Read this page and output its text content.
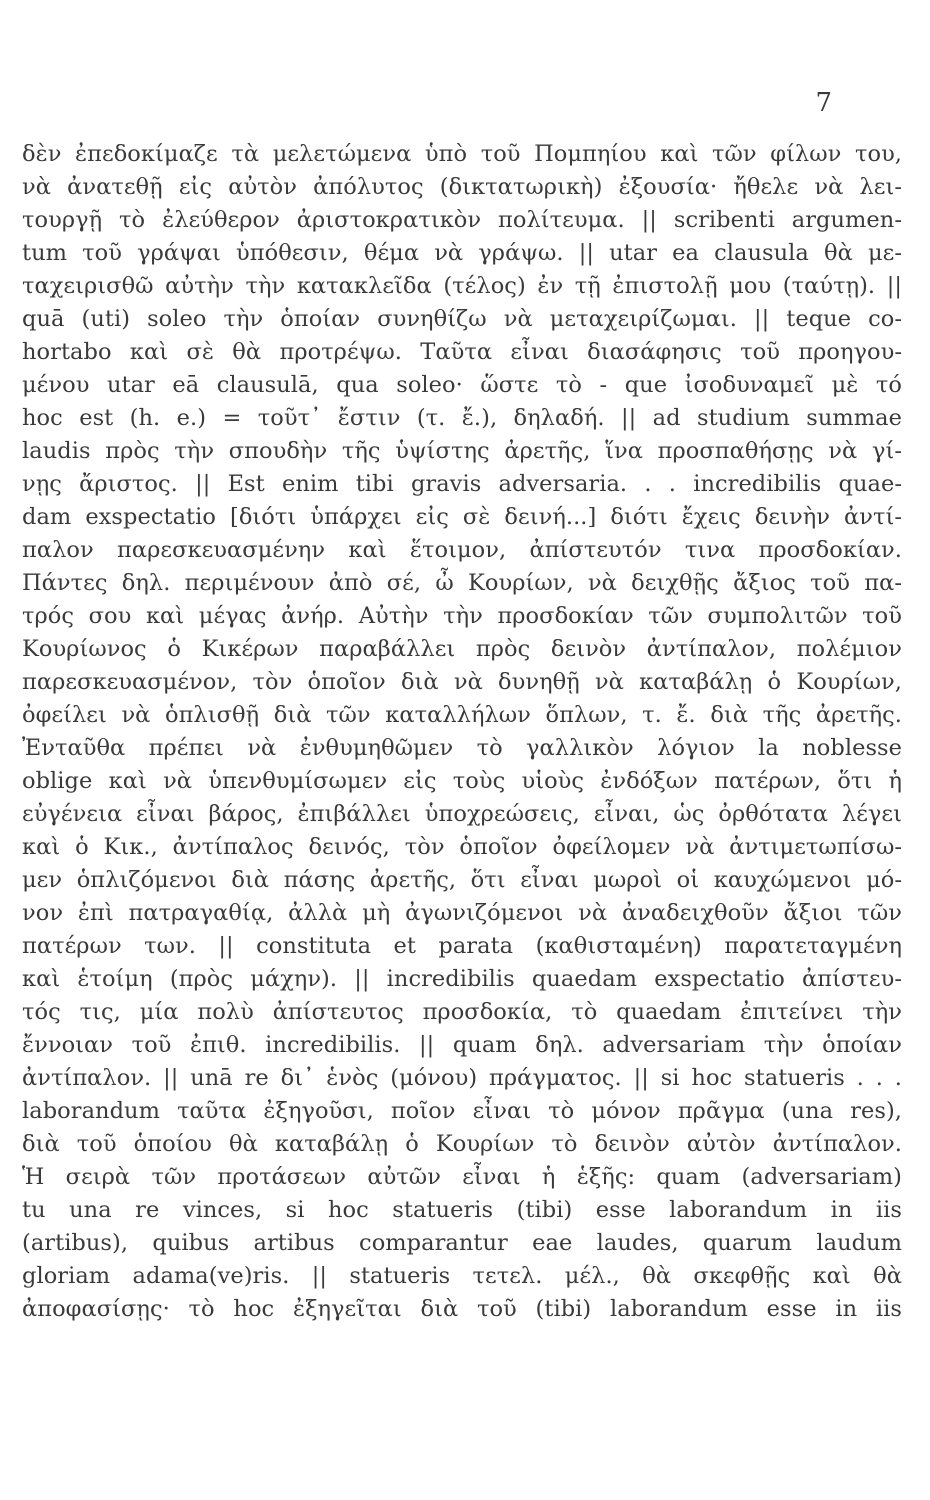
7
δὲν ἐπεδοκίμαζε τὰ μελετώμενα ὑπὸ τοῦ Πομπηίου καὶ τῶν φίλων του,
νὰ ἀνατεθῇ εἰς αὐτὸν ἀπόλυτος (δικτατωρικὴ) ἐξουσία· ἤθελε νὰ λει-
τουργῇ τὸ ἐλεύθερον ἀριστοκρατικὸν πολίτευμα. || scribenti argumen-
tum τοῦ γράψαι ὑπόθεσιν, θέμα νὰ γράψω. || utar ea clausula θὰ με-
ταχειρισθῶ αὐτὴν τὴν κατακλεῖδα (τέλος) ἐν τῇ ἐπιστολῇ μου (ταύτῃ). ||
quā (uti) soleo τὴν ὁποίαν συνηθίζω νὰ μεταχειρίζωμαι. || teque co-
hortabo καὶ σὲ θὰ προτρέψω. Ταῦτα εἶναι διασάφησις τοῦ προηγου-
μένου utar eā clausulā, qua soleo· ὥστε τὸ - que ἰσοδυναμεῖ μὲ τό
hoc est (h. e.) = τοῦτ᾽ ἔστιν (τ. ἔ.), δηλαδή. || ad studium summae
laudis πρὸς τὴν σπουδὴν τῆς ὑψίστης ἀρετῆς, ἵνα προσπαθήσῃς νὰ γί-
νῃς ἄριστος. || Est enim tibi gravis adversaria. . . incredibilis quae-
dam exspectatio [διότι ὑπάρχει εἰς σὲ δεινή...] διότι ἔχεις δεινὴν ἀντί-
παλον παρεσκευασμένην καὶ ἕτοιμον, ἀπίστευτόν τινα προσδοκίαν.
Πάντες δηλ. περιμένουν ἀπὸ σέ, ὦ Κουρίων, νὰ δειχθῇς ἄξιος τοῦ πα-
τρός σου καὶ μέγας ἀνήρ. Αὐτὴν τὴν προσδοκίαν τῶν συμπολιτῶν τοῦ
Κουρίωνος ὁ Κικέρων παραβάλλει πρὸς δεινὸν ἀντίπαλον, πολέμιον
παρεσκευασμένον, τὸν ὁποῖον διὰ νὰ δυνηθῇ νὰ καταβάλῃ ὁ Κουρίων,
ὀφείλει νὰ ὁπλισθῇ διὰ τῶν καταλλήλων ὅπλων, τ. ἔ. διὰ τῆς ἀρετῆς.
Ἐνταῦθα πρέπει νὰ ἐνθυμηθῶμεν τὸ γαλλικὸν λόγιον la noblesse
oblige καὶ νὰ ὑπενθυμίσωμεν εἰς τοὺς υἱοὺς ἐνδόξων πατέρων, ὅτι ἡ
εὐγένεια εἶναι βάρος, ἐπιβάλλει ὑποχρεώσεις, εἶναι, ὡς ὀρθότατα λέγει
καὶ ὁ Κικ., ἀντίπαλος δεινός, τὸν ὁποῖον ὀφείλομεν νὰ ἀντιμετωπίσω-
μεν ὁπλιζόμενοι διὰ πάσης ἀρετῆς, ὅτι εἶναι μωροὶ οἱ καυχώμενοι μό-
νον ἐπὶ πατραγαθίᾳ, ἀλλὰ μὴ ἀγωνιζόμενοι νὰ ἀναδειχθοῦν ἄξιοι τῶν
πατέρων των. || constituta et parata (καθισταμένη) παρατεταγμένη
καὶ ἑτοίμη (πρὸς μάχην). || incredibilis quaedam exspectatio ἀπίστευ-
τός τις, μία πολὺ ἀπίστευτος προσδοκία, τὸ quaedam ἐπιτείνει τὴν
ἔννοιαν τοῦ ἐπιθ. incredibilis. || quam δηλ. adversariam τὴν ὁποίαν
ἀντίπαλον. || unā re δι᾽ ἑνὸς (μόνου) πράγματος. || si hoc statueris . . .
laborandum ταῦτα ἐξηγοῦσι, ποῖον εἶναι τὸ μόνον πρᾶγμα (una res),
διὰ τοῦ ὁποίου θὰ καταβάλῃ ὁ Κουρίων τὸ δεινὸν αὐτὸν ἀντίπαλον.
Ἡ σειρὰ τῶν προτάσεων αὐτῶν εἶναι ἡ ἑξῆς: quam (adversariam)
tu una re vinces, si hoc statueris (tibi) esse laborandum in iis
(artibus), quibus artibus comparantur eae laudes, quarum laudum
gloriam adama(ve)ris. || statueris τετελ. μέλ., θὰ σκεφθῇς καὶ θὰ
ἀποφασίσῃς· τὸ hoc ἐξηγεῖται διὰ τοῦ (tibi) laborandum esse in iis
